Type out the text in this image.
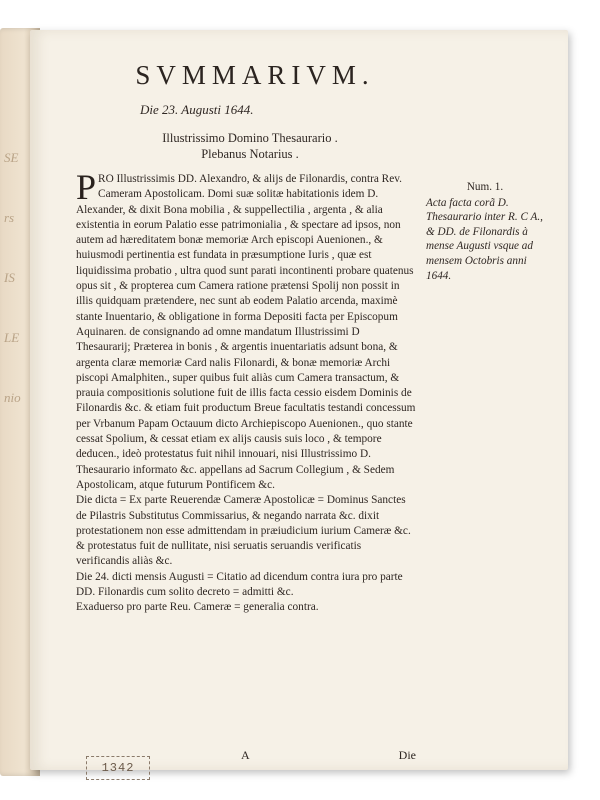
SE
rs
IS
LE
nio
SVMMARIVM.
Die 23. Augusti 1644.
Illustrissimo Domino Thesaurario .
Plebanus Notarius .

PRO Illustrissimis DD. Alexandro, & alijs de Filonardis, contra Rev. Cameram Apostolicam. Domi suæ solitæ habitationis idem D. Alexander, & dixit Bona mobilia , & suppellectilia , argenta , & alia existentia in eorum Palatio esse patrimonialia , & spectare ad ipsos, non autem ad hæreditatem bonæ memoriæ Arch episcopi Auenionen., & huiusmodi pertinentia est fundata in præsumptione Iuris , quæ est liquidissima probatio , ultra quod sunt parati incontinenti probare quatenus opus sit , & propterea cum Camera ratione prætensi Spolij non possit in illis quidquam prætendere, nec sunt ab eodem Palatio arcenda, maximè stante Inuentario, & obligatione in forma Depositi facta per Episcopum Aquinaren. de consignando ad omne mandatum Illustrissimi D Thesaurarij; Præterea in bonis , & argentis inuentariatis adsunt bona, & argenta claræ memoriæ Card nalis Filonardi, & bonæ memoriæ Archi piscopi Amalphiten., super quibus fuit aliàs cum Camera transactum, & prauia compositionis solutione fuit de illis facta cessio eisdem Dominis de Filonardis &c. & etiam fuit productum Breue facultatis testandi concessum per Vrbanum Papam Octauum dicto Archiepiscopo Auenionen., quo stante cessat Spolium, & cessat etiam ex alijs causis suis loco , & tempore deducen., ideò protestatus fuit nihil innouari, nisi Illustrissimo D. Thesaurario informato &c. appellans ad Sacrum Collegium , & Sedem Apostolicam, atque futurum Pontificem &c.

Die dicta = Ex parte Reuerendæ Cameræ Apostolicæ = Dominus Sanctes de Pilastris Substitutus Commissarius, & negando narrata &c. dixit protestationem non esse admittendam in præiudicium iurium Cameræ &c. & protestatus fuit de nullitate, nisi seruatis seruandis verificatis verificandis aliàs &c.

Die 24. dicti mensis Augusti = Citatio ad dicendum contra iura pro parte DD. Filonardis cum solito decreto = admitti &c.

Exaduerso pro parte Reu. Cameræ = generalia contra.

Num. 1.
Acta facta corã D. Thesaurario inter R. C A., & DD. de Filonardis à mense Augusti vsque ad mensem Octobris anni 1644.
A	Die
1342
